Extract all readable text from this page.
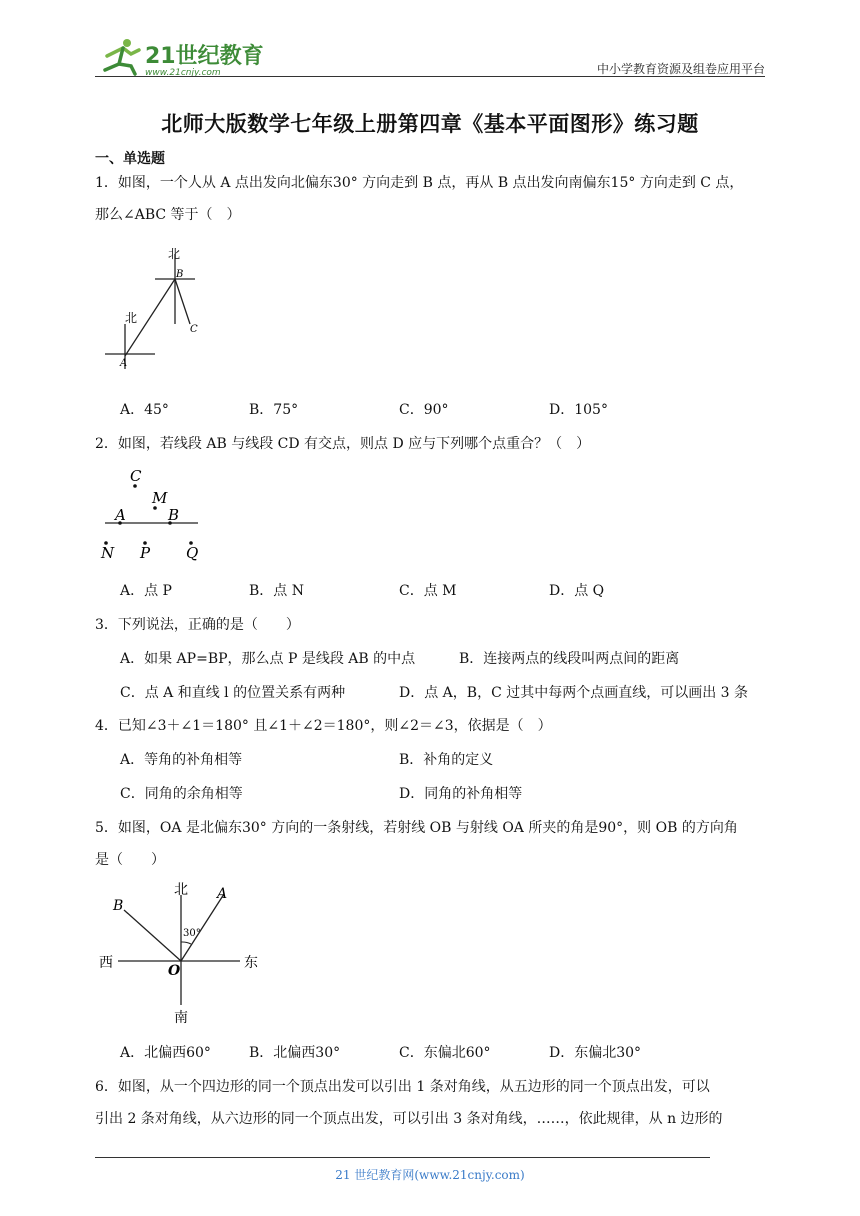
21世纪教育
www.21cnjy.com	中小学教育资源及组卷应用平台
北师大版数学七年级上册第四章《基本平面图形》练习题
一、单选题
1．如图，一个人从 A 点出发向北偏东30° 方向走到 B 点，再从 B 点出发向南偏东15° 方向走到 C 点，
那么∠ABC 等于（　）
北
B
北
C
A
A．45°	B．75°	C．90°	D．105°
2．如图，若线段 AB 与线段 CD 有交点，则点 D 应与下列哪个点重合？（　）
C
M
A	B
N P Q
A．点 P	B．点 N	C．点 M	D．点 Q
3．下列说法，正确的是（　　）
A．如果 AP=BP，那么点 P 是线段 AB 的中点	B．连接两点的线段叫两点间的距离
C．点 A 和直线 l 的位置关系有两种	D．点 A，B，C 过其中每两个点画直线，可以画出 3 条
4．已知∠3＋∠1＝180° 且∠1＋∠2＝180°，则∠2＝∠3，依据是（　）
A．等角的补角相等	B．补角的定义
C．同角的余角相等	D．同角的补角相等
5．如图，OA 是北偏东30° 方向的一条射线，若射线 OB 与射线 OA 所夹的角是90°，则 OB 的方向角
是（　　）
北
南
西	东
A
B
O
30°
A．北偏西60°	B．北偏西30°	C．东偏北60°	D．东偏北30°
6．如图，从一个四边形的同一个顶点出发可以引出 1 条对角线，从五边形的同一个顶点出发，可以
引出 2 条对角线，从六边形的同一个顶点出发，可以引出 3 条对角线，……，依此规律，从 n 边形的
21 世纪教育网(www.21cnjy.com)
